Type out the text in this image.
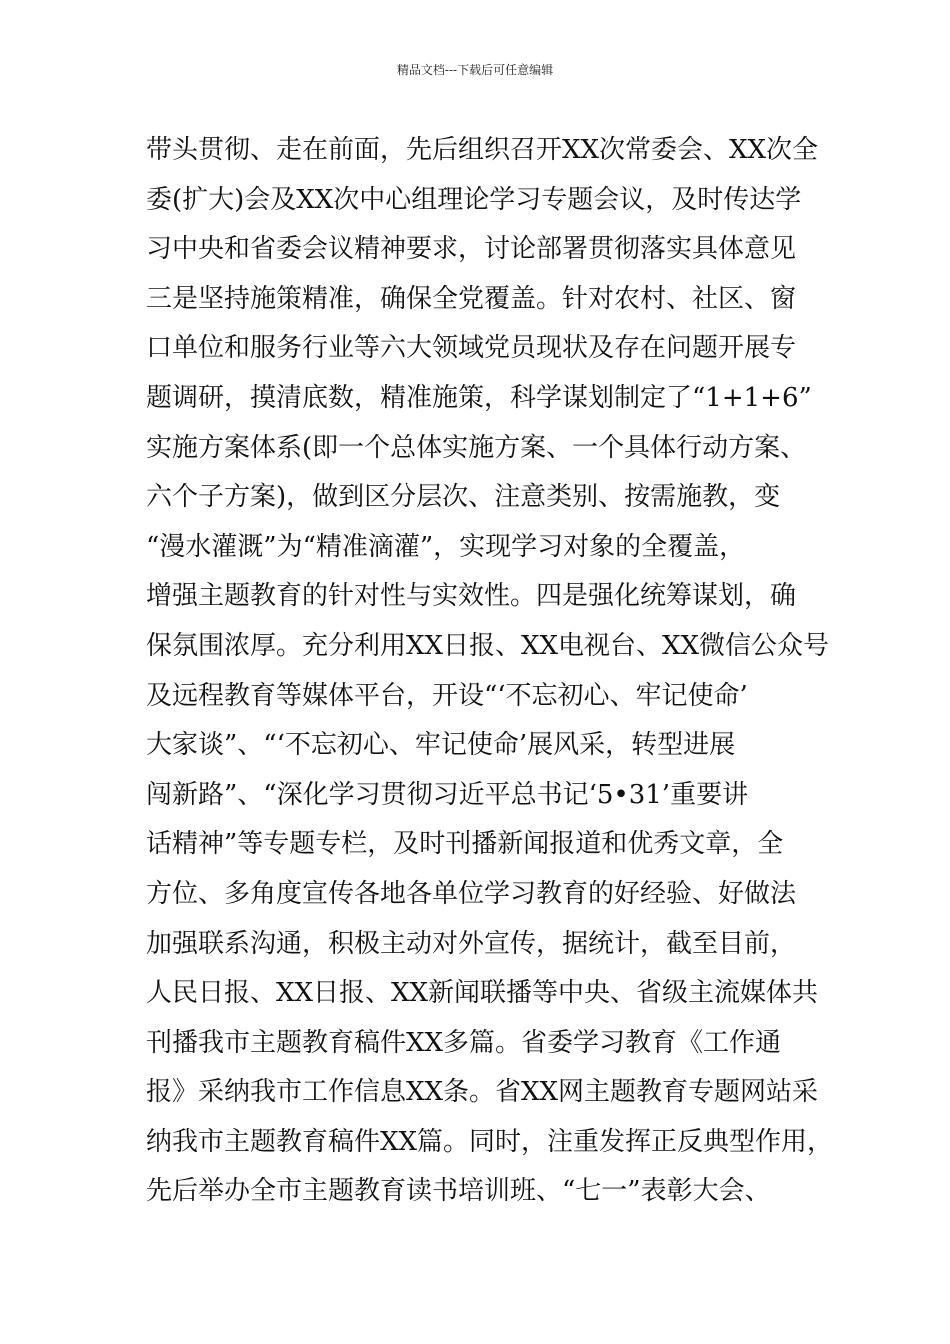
精品文档---下载后可任意编辑
带头贯彻、走在前面，先后组织召开XX次常委会、XX次全
委(扩大)会及XX次中心组理论学习专题会议，及时传达学
习中央和省委会议精神要求，讨论部署贯彻落实具体意见
三是坚持施策精准，确保全党覆盖。针对农村、社区、窗
口单位和服务行业等六大领域党员现状及存在问题开展专
题调研，摸清底数，精准施策，科学谋划制定了“1+1+6”
实施方案体系(即一个总体实施方案、一个具体行动方案、
六个子方案)，做到区分层次、注意类别、按需施教，变
“漫水灌溉”为“精准滴灌”，实现学习对象的全覆盖，
增强主题教育的针对性与实效性。四是强化统筹谋划，确
保氛围浓厚。充分利用XX日报、XX电视台、XX微信公众号
及远程教育等媒体平台，开设“‘不忘初心、牢记使命’
大家谈”、“‘不忘初心、牢记使命’展风采，转型进展
闯新路”、“深化学习贯彻习近平总书记‘5•31’重要讲
话精神”等专题专栏，及时刊播新闻报道和优秀文章，全
方位、多角度宣传各地各单位学习教育的好经验、好做法
加强联系沟通，积极主动对外宣传，据统计，截至目前，
人民日报、XX日报、XX新闻联播等中央、省级主流媒体共
刊播我市主题教育稿件XX多篇。省委学习教育《工作通
报》采纳我市工作信息XX条。省XX网主题教育专题网站采
纳我市主题教育稿件XX篇。同时，注重发挥正反典型作用，
先后举办全市主题教育读书培训班、“七一”表彰大会、
